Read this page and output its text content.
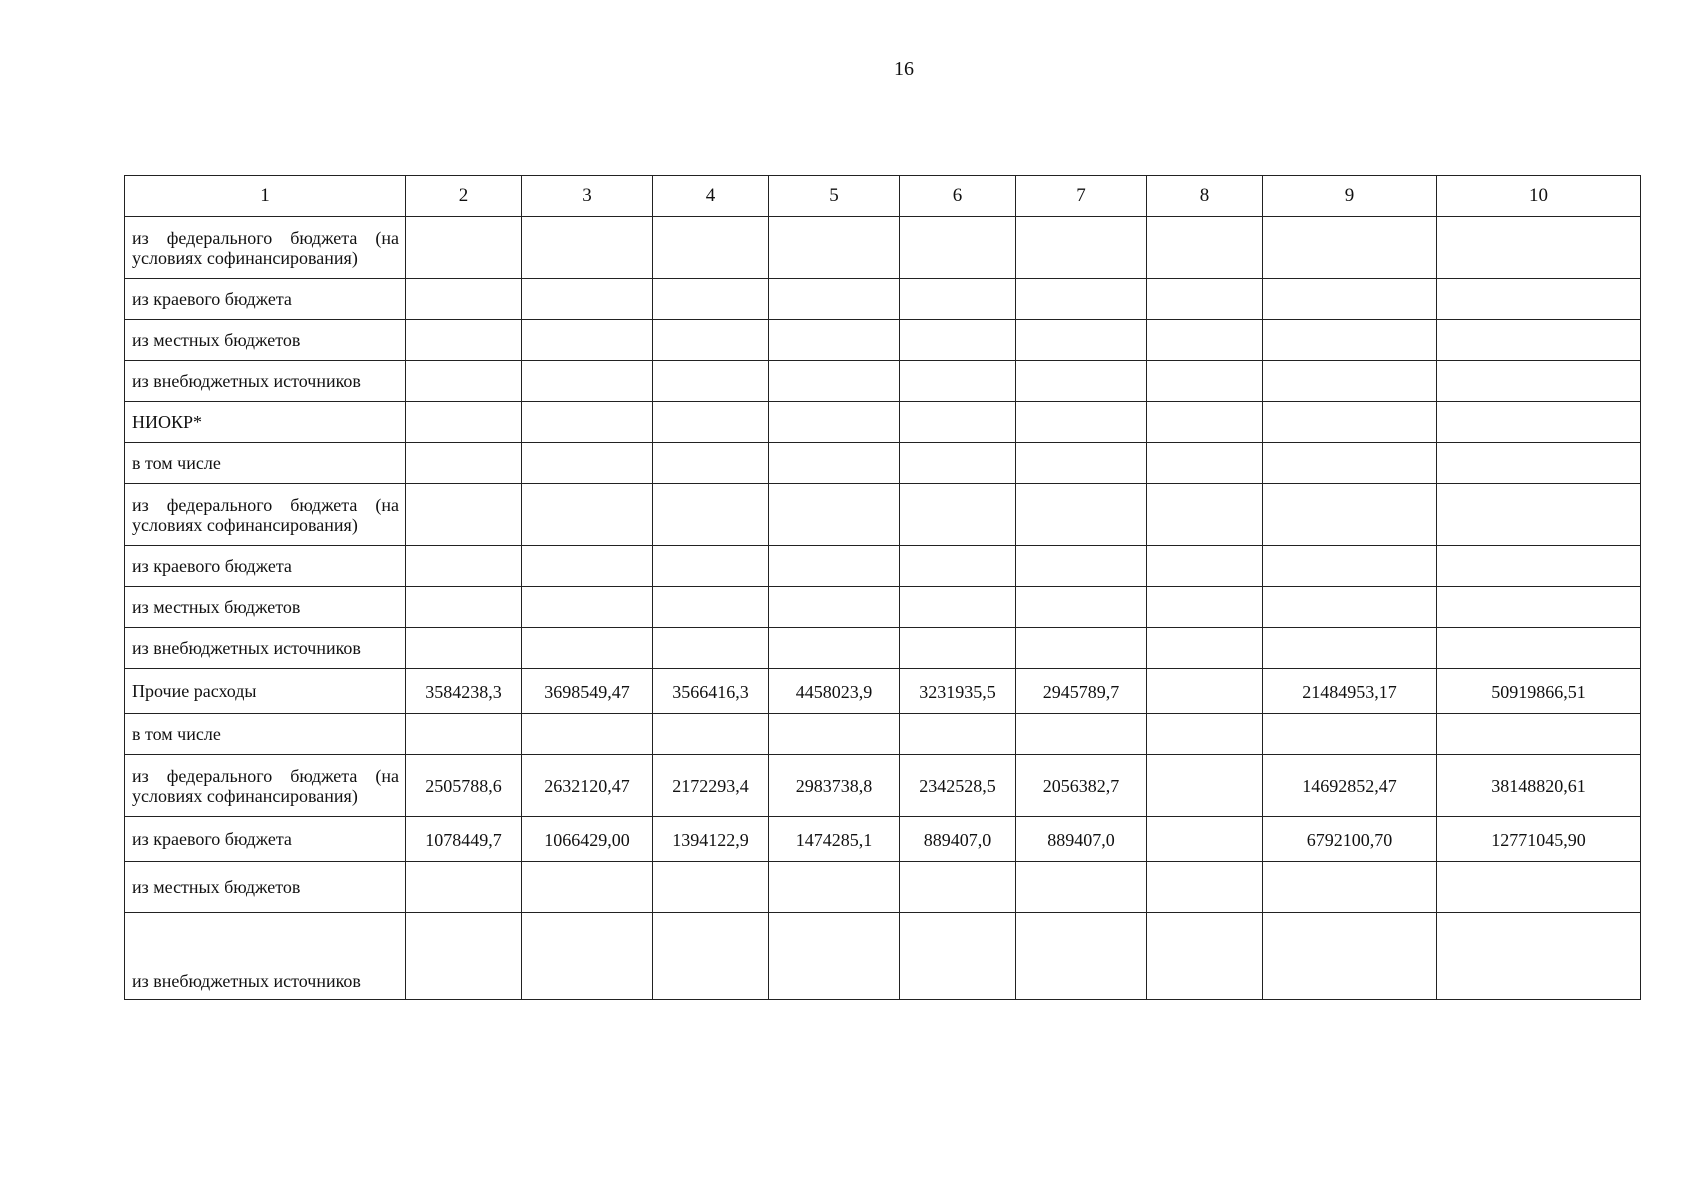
16
1	2	3	4	5	6	7	8	9	10
из федерального бюджета (на условиях софинансирования)									
из краевого бюджета									
из местных бюджетов									
из внебюджетных источников									
НИОКР*									
в том числе									
из федерального бюджета (на условиях софинансирования)									
из краевого бюджета									
из местных бюджетов									
из внебюджетных источников									
Прочие расходы	3584238,3	3698549,47	3566416,3	4458023,9	3231935,5	2945789,7		21484953,17	50919866,51
в том числе									
из федерального бюджета (на условиях софинансирования)	2505788,6	2632120,47	2172293,4	2983738,8	2342528,5	2056382,7		14692852,47	38148820,61
из краевого бюджета	1078449,7	1066429,00	1394122,9	1474285,1	889407,0	889407,0		6792100,70	12771045,90
из местных бюджетов									
из внебюджетных источников									
